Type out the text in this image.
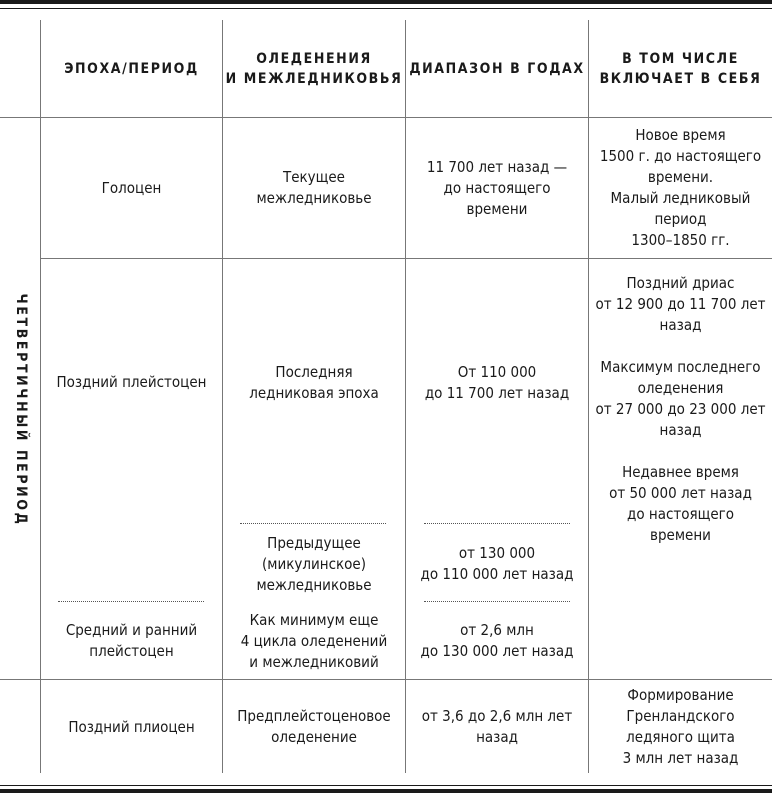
ЭПОХА/ПЕРИОД
ОЛЕДЕНЕНИЯ
И МЕЖЛЕДНИКОВЬЯ
ДИАПАЗОН В ГОДАХ
В ТОМ ЧИСЛЕ
ВКЛЮЧАЕТ В СЕБЯ
ЧЕТВЕРТИЧНЫЙ ПЕРИОД
Голоцен
Текущее
межледниковье
11 700 лет назад —
до настоящего
времени
Новое время
1500 г. до настоящего
времени.
Малый ледниковый
период
1300–1850 гг.
Поздний плейстоцен
Последняя
ледниковая эпоха
От 110 000
до 11 700 лет назад
Поздний дриас
от 12 900 до 11 700 лет
назад

Максимум последнего
оледенения
от 27 000 до 23 000 лет
назад

Недавнее время
от 50 000 лет назад
до настоящего
времени
Предыдущее
(микулинское)
межледниковье
от 130 000
до 110 000 лет назад
Средний и ранний
плейстоцен
Как минимум еще
4 цикла оледенений
и межледниковий
от 2,6 млн
до 130 000 лет назад
Поздний плиоцен
Предплейстоценовое
оледенение
от 3,6 до 2,6 млн лет
назад
Формирование
Гренландского
ледяного щита
3 млн лет назад
